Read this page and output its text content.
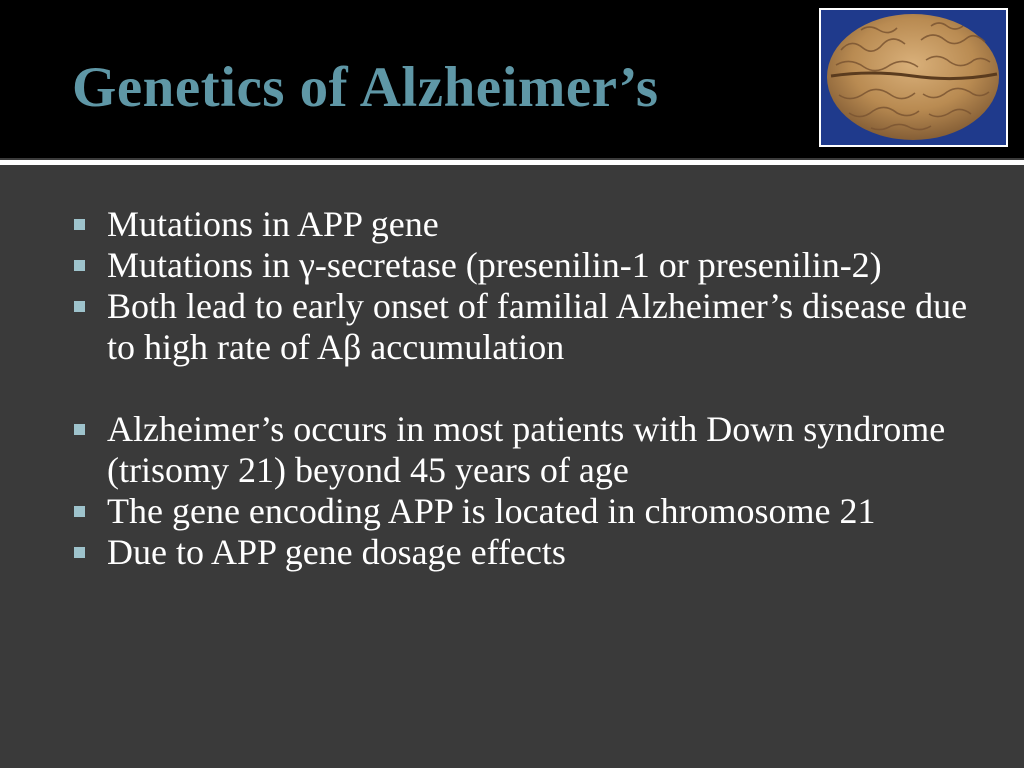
Genetics of Alzheimer’s
Mutations in APP gene
Mutations in γ-secretase (presenilin-1 or presenilin-2)
Both lead to early onset of familial Alzheimer’s disease due to high rate of Aβ accumulation
Alzheimer’s occurs in most patients with Down syndrome (trisomy 21) beyond 45 years of age
The gene encoding APP is located in chromosome 21
Due to APP gene dosage effects
